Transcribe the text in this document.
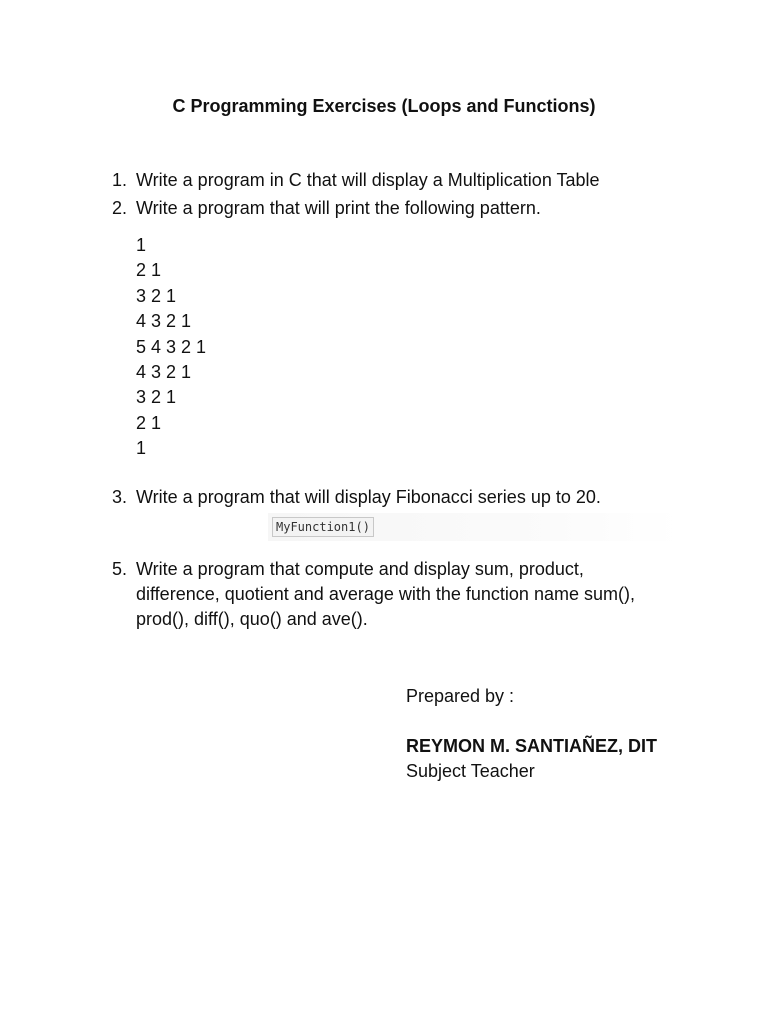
C Programming Exercises (Loops and Functions)
1. Write a program in C that will display a Multiplication Table
2. Write a program that will print the following pattern.
1
2 1
3 2 1
4 3 2 1
5 4 3 2 1
4 3 2 1
3 2 1
2 1
1
3. Write a program that will display Fibonacci series up to 20.
MyFunction1()
5. Write a program that compute and display sum, product,
difference, quotient and average with the function name sum(),
prod(), diff(), quo() and ave().
Prepared by :
REYMON M. SANTIAÑEZ, DIT
Subject Teacher
